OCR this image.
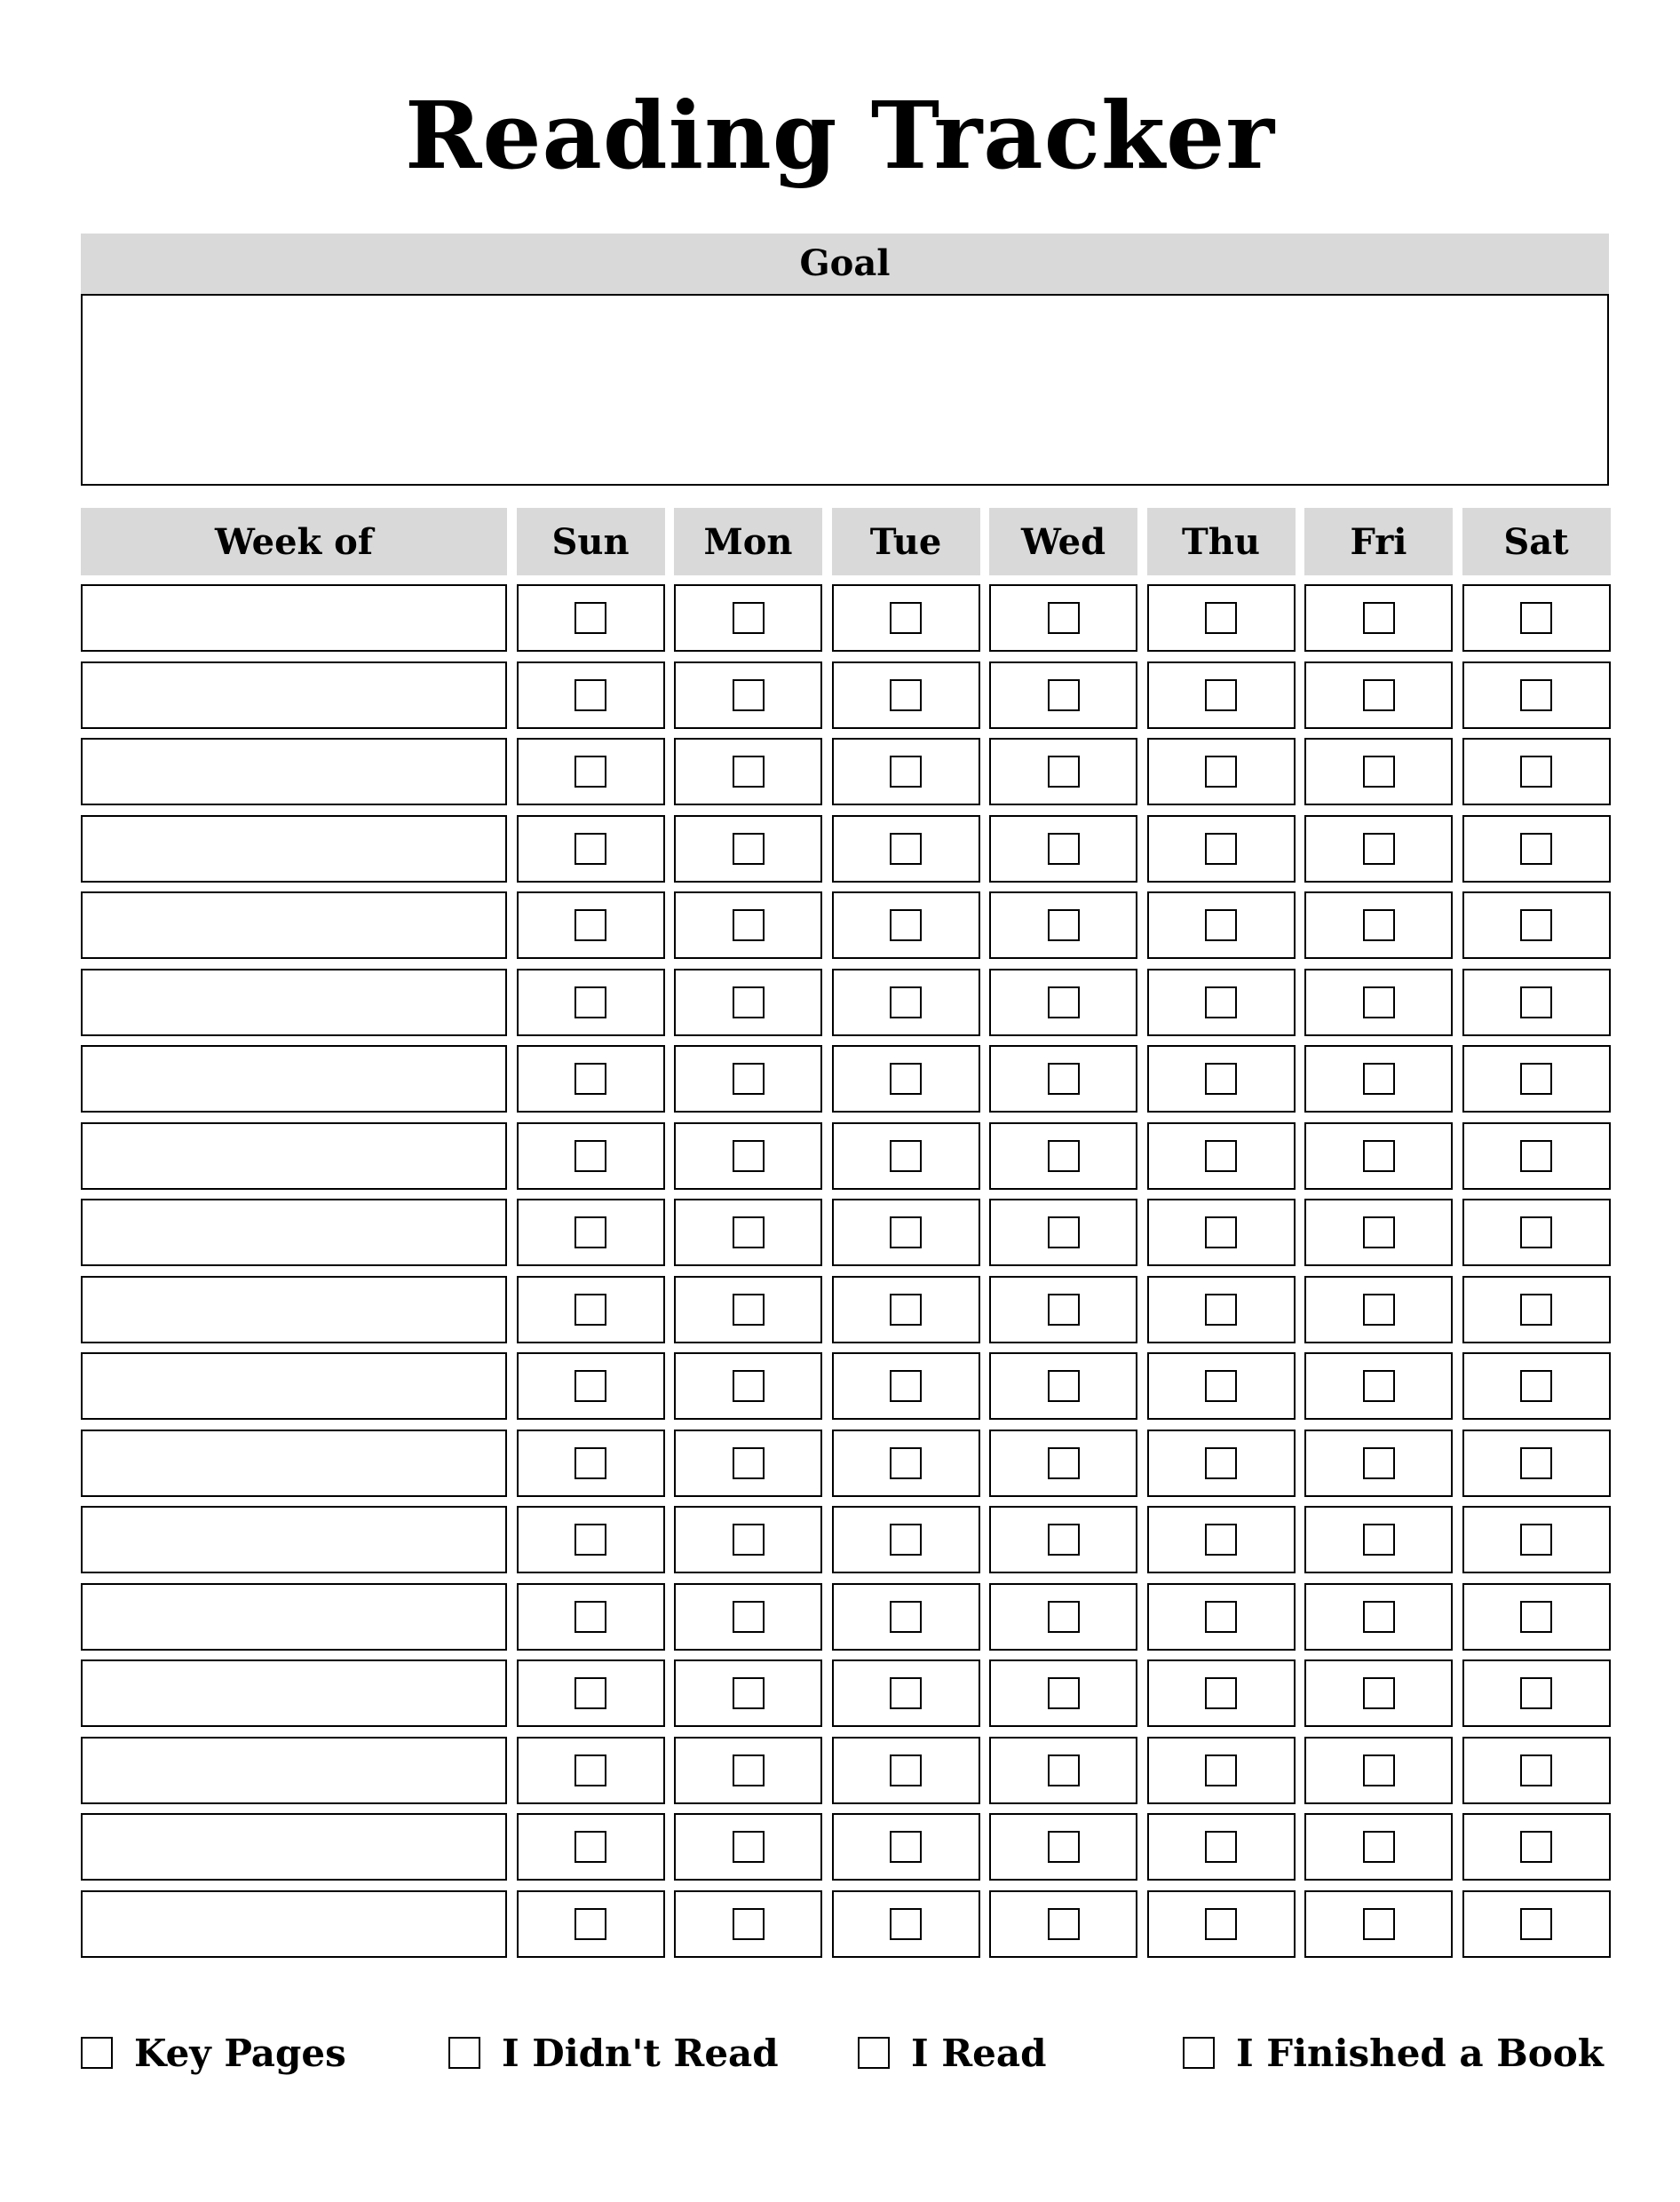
Reading Tracker
Goal
Week of	Sun	Mon	Tue	Wed	Thu	Fri	Sat
Key Pages	I Didn't Read	I Read	I Finished a Book
